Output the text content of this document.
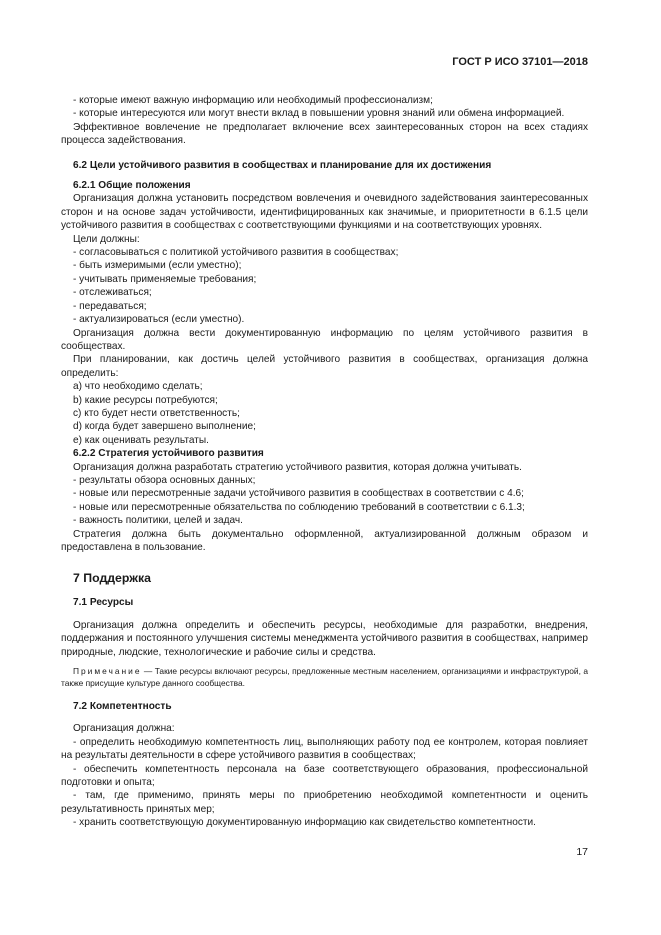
ГОСТ Р ИСО 37101—2018

- которые имеют важную информацию или необходимый профессионализм;

- которые интересуются или могут внести вклад в повышении уровня знаний или обмена информацией.

Эффективное вовлечение не предполагает включение всех заинтересованных сторон на всех стадиях процесса задействования.

6.2 Цели устойчивого развития в сообществах и планирование для их достижения

6.2.1 Общие положения

Организация должна установить посредством вовлечения и очевидного задействования заинтересованных сторон и на основе задач устойчивости, идентифицированных как значимые, и приоритетности в 6.1.5 цели устойчивого развития в сообществах с соответствующими функциями и на соответствующих уровнях.

Цели должны:

- согласовываться с политикой устойчивого развития в сообществах;

- быть измеримыми (если уместно);

- учитывать применяемые требования;

- отслеживаться;

- передаваться;

- актуализироваться (если уместно).

Организация должна вести документированную информацию по целям устойчивого развития в сообществах.

При планировании, как достичь целей устойчивого развития в сообществах, организация должна определить:

a) что необходимо сделать;

b) какие ресурсы потребуются;

c) кто будет нести ответственность;

d) когда будет завершено выполнение;

e) как оценивать результаты.

6.2.2 Стратегия устойчивого развития

Организация должна разработать стратегию устойчивого развития, которая должна учитывать.

- результаты обзора основных данных;

- новые или пересмотренные задачи устойчивого развития в сообществах в соответствии с 4.6;

- новые или пересмотренные обязательства по соблюдению требований в соответствии с 6.1.3;

- важность политики, целей и задач.

Стратегия должна быть документально оформленной, актуализированной должным образом и предоставлена в пользование.

7 Поддержка

7.1 Ресурсы

Организация должна определить и обеспечить ресурсы, необходимые для разработки, внедрения, поддержания и постоянного улучшения системы менеджмента устойчивого развития в сообществах, например природные, людские, технологические и рабочие силы и средства.

Примечание — Такие ресурсы включают ресурсы, предложенные местным населением, организациями и инфраструктурой, а также присущие культуре данного сообщества.

7.2 Компетентность

Организация должна:

- определить необходимую компетентность лиц, выполняющих работу под ее контролем, которая повлияет на результаты деятельности в сфере устойчивого развития в сообществах;

- обеспечить компетентность персонала на базе соответствующего образования, профессиональной подготовки и опыта;

- там, где применимо, принять меры по приобретению необходимой компетентности и оценить результативность принятых мер;

- хранить соответствующую документированную информацию как свидетельство компетентности.

17
